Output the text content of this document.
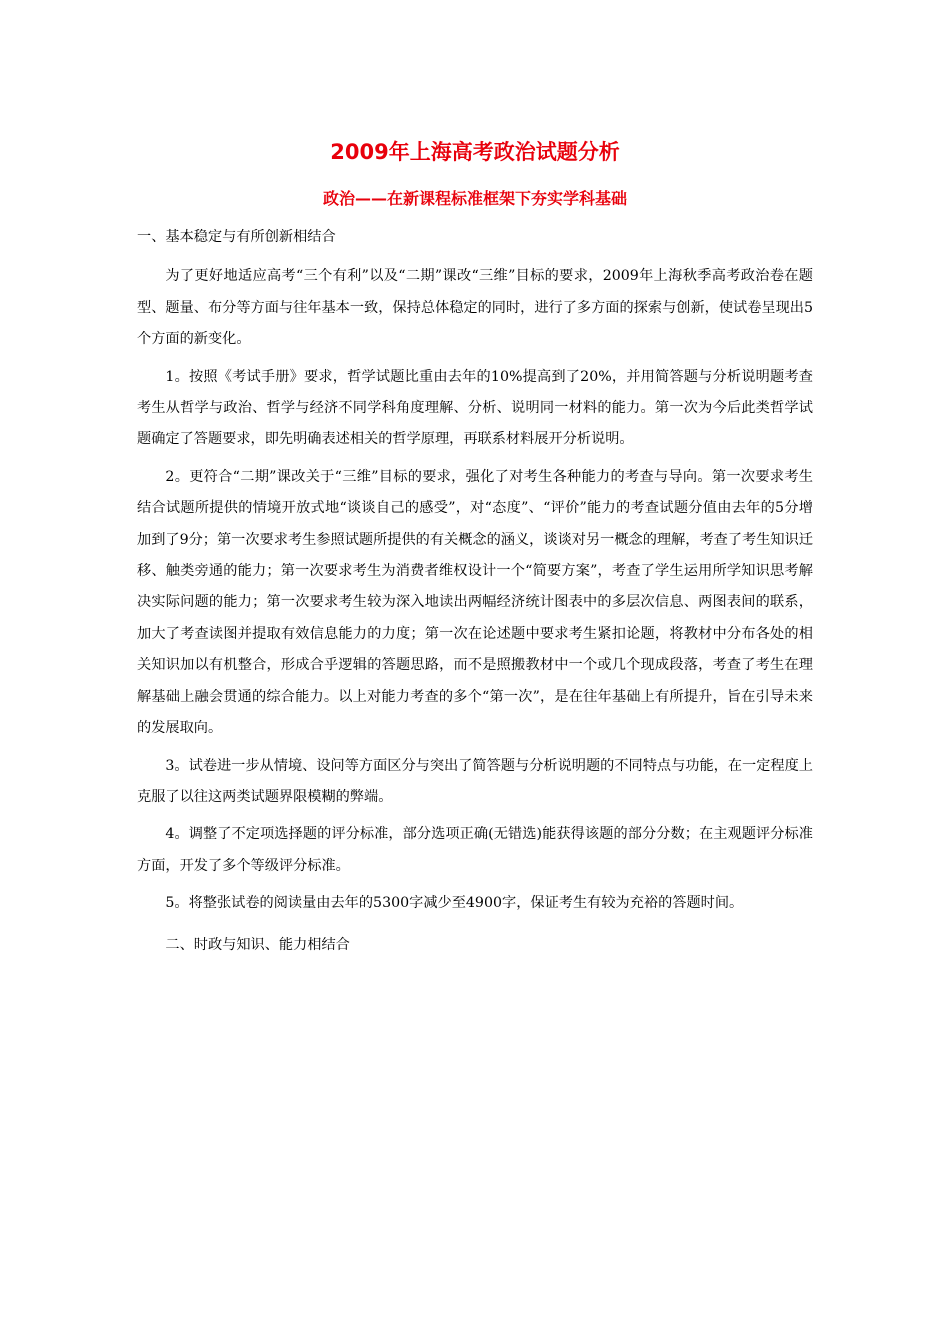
2009年上海高考政治试题分析
政治——在新课程标准框架下夯实学科基础

一、基本稳定与有所创新相结合

为了更好地适应高考“三个有利”以及“二期”课改“三维”目标的要求，2009年上海秋季高考政治卷在题型、题量、布分等方面与往年基本一致，保持总体稳定的同时，进行了多方面的探索与创新，使试卷呈现出5个方面的新变化。

1。按照《考试手册》要求，哲学试题比重由去年的10%提高到了20%，并用简答题与分析说明题考查考生从哲学与政治、哲学与经济不同学科角度理解、分析、说明同一材料的能力。第一次为今后此类哲学试题确定了答题要求，即先明确表述相关的哲学原理，再联系材料展开分析说明。

2。更符合“二期”课改关于“三维”目标的要求，强化了对考生各种能力的考查与导向。第一次要求考生结合试题所提供的情境开放式地“谈谈自己的感受”，对“态度”、“评价”能力的考查试题分值由去年的5分增加到了9分；第一次要求考生参照试题所提供的有关概念的涵义，谈谈对另一概念的理解，考查了考生知识迁移、触类旁通的能力；第一次要求考生为消费者维权设计一个“简要方案”，考查了学生运用所学知识思考解决实际问题的能力；第一次要求考生较为深入地读出两幅经济统计图表中的多层次信息、两图表间的联系，加大了考查读图并提取有效信息能力的力度；第一次在论述题中要求考生紧扣论题，将教材中分布各处的相关知识加以有机整合，形成合乎逻辑的答题思路，而不是照搬教材中一个或几个现成段落，考查了考生在理解基础上融会贯通的综合能力。以上对能力考查的多个“第一次”，是在往年基础上有所提升，旨在引导未来的发展取向。

3。试卷进一步从情境、设问等方面区分与突出了简答题与分析说明题的不同特点与功能，在一定程度上克服了以往这两类试题界限模糊的弊端。

4。调整了不定项选择题的评分标准，部分选项正确(无错选)能获得该题的部分分数；在主观题评分标准方面，开发了多个等级评分标准。

5。将整张试卷的阅读量由去年的5300字减少至4900字，保证考生有较为充裕的答题时间。

二、时政与知识、能力相结合
